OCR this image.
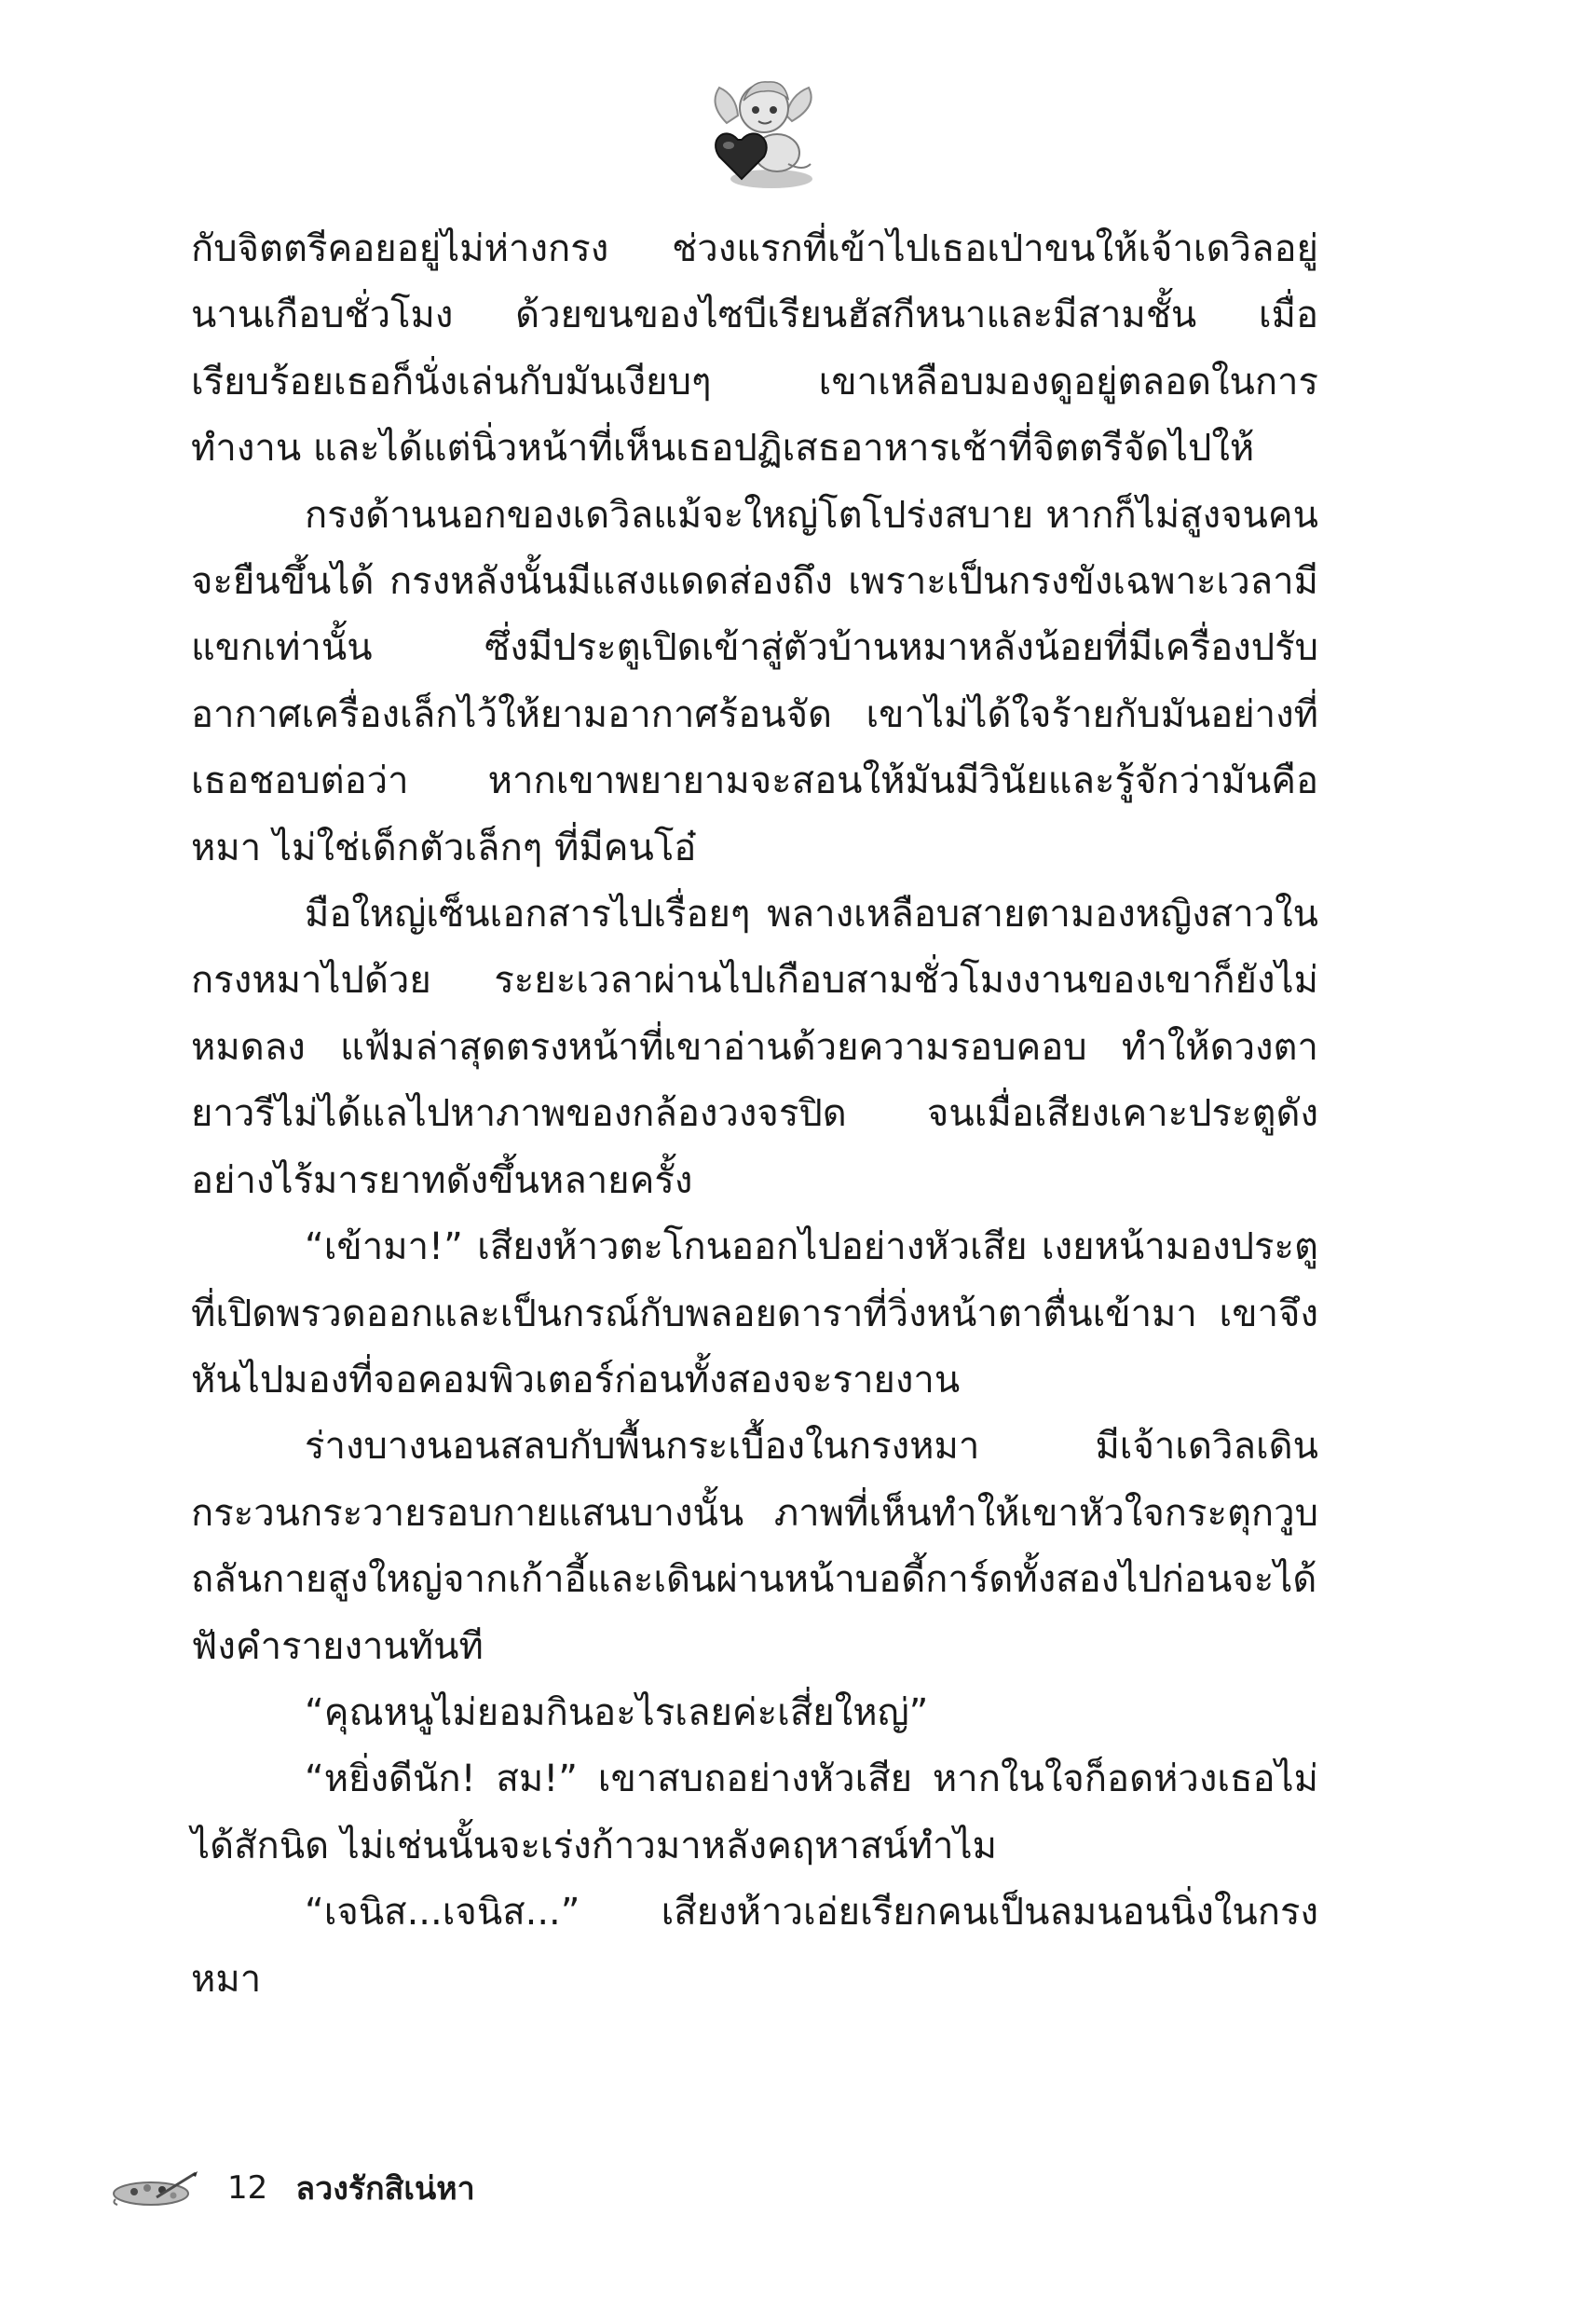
กับจิตตรีคอยอยู่ไม่ห่างกรง ช่วงแรกที่เข้าไปเธอเป่าขนให้เจ้าเดวิลอยู่นานเกือบชั่วโมง ด้วยขนของไซบีเรียนฮัสกีหนาและมีสามชั้น เมื่อเรียบร้อยเธอก็นั่งเล่นกับมันเงียบๆ เขาเหลือบมองดูอยู่ตลอดในการทำงาน และได้แต่นิ่วหน้าที่เห็นเธอปฏิเสธอาหารเช้าที่จิตตรีจัดไปให้

กรงด้านนอกของเดวิลแม้จะใหญ่โตโปร่งสบาย หากก็ไม่สูงจนคนจะยืนขึ้นได้ กรงหลังนั้นมีแสงแดดส่องถึง เพราะเป็นกรงขังเฉพาะเวลามีแขกเท่านั้น ซึ่งมีประตูเปิดเข้าสู่ตัวบ้านหมาหลังน้อยที่มีเครื่องปรับอากาศเครื่องเล็กไว้ให้ยามอากาศร้อนจัด เขาไม่ได้ใจร้ายกับมันอย่างที่เธอชอบต่อว่า หากเขาพยายามจะสอนให้มันมีวินัยและรู้จักว่ามันคือหมา ไม่ใช่เด็กตัวเล็กๆ ที่มีคนโอ๋

มือใหญ่เซ็นเอกสารไปเรื่อยๆ พลางเหลือบสายตามองหญิงสาวในกรงหมาไปด้วย ระยะเวลาผ่านไปเกือบสามชั่วโมงงานของเขาก็ยังไม่หมดลง แฟ้มล่าสุดตรงหน้าที่เขาอ่านด้วยความรอบคอบ ทำให้ดวงตายาวรีไม่ได้แลไปหาภาพของกล้องวงจรปิด จนเมื่อเสียงเคาะประตูดังอย่างไร้มารยาทดังขึ้นหลายครั้ง

“เข้ามา!” เสียงห้าวตะโกนออกไปอย่างหัวเสีย เงยหน้ามองประตูที่เปิดพรวดออกและเป็นกรณ์กับพลอยดาราที่วิ่งหน้าตาตื่นเข้ามา เขาจึงหันไปมองที่จอคอมพิวเตอร์ก่อนทั้งสองจะรายงาน

ร่างบางนอนสลบกับพื้นกระเบื้องในกรงหมา มีเจ้าเดวิลเดินกระวนกระวายรอบกายแสนบางนั้น ภาพที่เห็นทำให้เขาหัวใจกระตุกวูบถลันกายสูงใหญ่จากเก้าอี้และเดินผ่านหน้าบอดี้การ์ดทั้งสองไปก่อนจะได้ฟังคำรายงานทันที

“คุณหนูไม่ยอมกินอะไรเลยค่ะเสี่ยใหญ่”

“หยิ่งดีนัก! สม!” เขาสบถอย่างหัวเสีย หากในใจก็อดห่วงเธอไม่ได้สักนิด ไม่เช่นนั้นจะเร่งก้าวมาหลังคฤหาสน์ทำไม

“เจนิส...เจนิส...” เสียงห้าวเอ่ยเรียกคนเป็นลมนอนนิ่งในกรงหมา

12 ลวงรักสิเน่หา
